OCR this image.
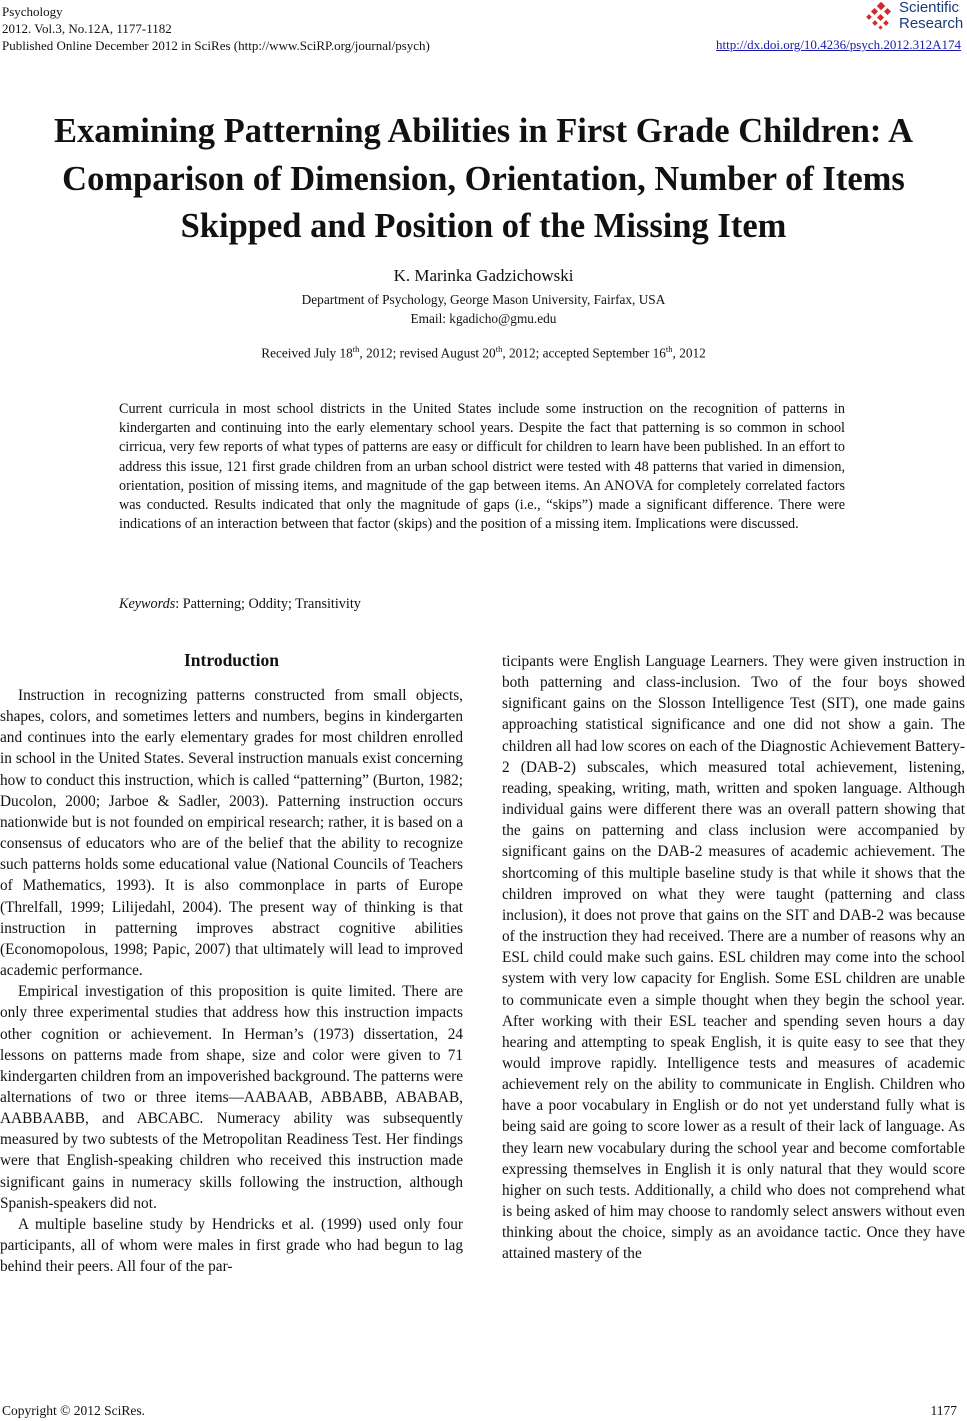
Psychology
2012. Vol.3, No.12A, 1177-1182
Published Online December 2012 in SciRes (http://www.SciRP.org/journal/psych)
Scientific
Research
http://dx.doi.org/10.4236/psych.2012.312A174
Examining Patterning Abilities in First Grade Children: A Comparison of Dimension, Orientation, Number of Items Skipped and Position of the Missing Item
K. Marinka Gadzichowski
Department of Psychology, George Mason University, Fairfax, USA
Email: kgadicho@gmu.edu
Received July 18th, 2012; revised August 20th, 2012; accepted September 16th, 2012
Current curricula in most school districts in the United States include some instruction on the recognition of patterns in kindergarten and continuing into the early elementary school years. Despite the fact that patterning is so common in school cirricua, very few reports of what types of patterns are easy or difficult for children to learn have been published. In an effort to address this issue, 121 first grade children from an urban school district were tested with 48 patterns that varied in dimension, orientation, position of missing items, and magnitude of the gap between items. An ANOVA for completely correlated factors was conducted. Results indicated that only the magnitude of gaps (i.e., “skips”) made a significant difference. There were indications of an interaction between that factor (skips) and the position of a missing item. Implications were discussed.
Keywords: Patterning; Oddity; Transitivity
Introduction

Instruction in recognizing patterns constructed from small objects, shapes, colors, and sometimes letters and numbers, begins in kindergarten and continues into the early elementary grades for most children enrolled in school in the United States. Several instruction manuals exist concerning how to conduct this instruction, which is called “patterning” (Burton, 1982; Ducolon, 2000; Jarboe & Sadler, 2003). Patterning instruction occurs nationwide but is not founded on empirical research; rather, it is based on a consensus of educators who are of the belief that the ability to recognize such patterns holds some educational value (National Councils of Teachers of Mathematics, 1993). It is also commonplace in parts of Europe (Threlfall, 1999; Lilijedahl, 2004). The present way of thinking is that instruction in patterning improves abstract cognitive abilities (Economopolous, 1998; Papic, 2007) that ultimately will lead to improved academic performance.

Empirical investigation of this proposition is quite limited. There are only three experimental studies that address how this instruction impacts other cognition or achievement. In Herman’s (1973) dissertation, 24 lessons on patterns made from shape, size and color were given to 71 kindergarten children from an impoverished background. The patterns were alternations of two or three items—AABAAB, ABBABB, ABABAB, AABBAABB, and ABCABC. Numeracy ability was subsequently measured by two subtests of the Metropolitan Readiness Test. Her findings were that English-speaking children who received this instruction made significant gains in numeracy skills following the instruction, although Spanish-speakers did not.

A multiple baseline study by Hendricks et al. (1999) used only four participants, all of whom were males in first grade who had begun to lag behind their peers. All four of the par-

ticipants were English Language Learners. They were given instruction in both patterning and class-inclusion. Two of the four boys showed significant gains on the Slosson Intelligence Test (SIT), one made gains approaching statistical significance and one did not show a gain. The children all had low scores on each of the Diagnostic Achievement Battery-2 (DAB-2) subscales, which measured total achievement, listening, reading, speaking, writing, math, written and spoken language. Although individual gains were different there was an overall pattern showing that the gains on patterning and class inclusion were accompanied by significant gains on the DAB-2 measures of academic achievement. The shortcoming of this multiple baseline study is that while it shows that the children improved on what they were taught (patterning and class inclusion), it does not prove that gains on the SIT and DAB-2 was because of the instruction they had received. There are a number of reasons why an ESL child could make such gains. ESL children may come into the school system with very low capacity for English. Some ESL children are unable to communicate even a simple thought when they begin the school year. After working with their ESL teacher and spending seven hours a day hearing and attempting to speak English, it is quite easy to see that they would improve rapidly. Intelligence tests and measures of academic achievement rely on the ability to communicate in English. Children who have a poor vocabulary in English or do not yet understand fully what is being said are going to score lower as a result of their lack of language. As they learn new vocabulary during the school year and become comfortable expressing themselves in English it is only natural that they would score higher on such tests. Additionally, a child who does not comprehend what is being asked of him may choose to randomly select answers without even thinking about the choice, simply as an avoidance tactic. Once they have attained mastery of the

Copyright © 2012 SciRes.	1177
